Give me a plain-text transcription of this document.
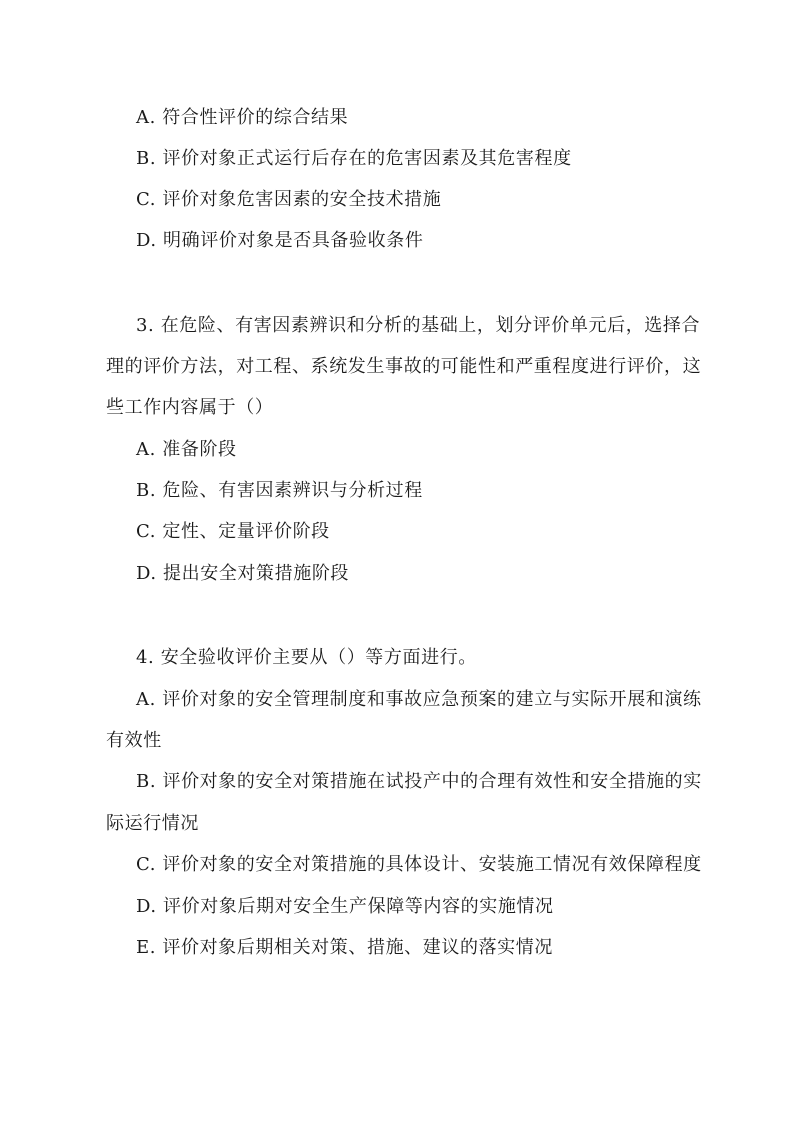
A. 符合性评价的综合结果
B. 评价对象正式运行后存在的危害因素及其危害程度
C. 评价对象危害因素的安全技术措施
D. 明确评价对象是否具备验收条件
3. 在危险、有害因素辨识和分析的基础上，划分评价单元后，选择合
理的评价方法，对工程、系统发生事故的可能性和严重程度进行评价，这
些工作内容属于（）
A. 准备阶段
B. 危险、有害因素辨识与分析过程
C. 定性、定量评价阶段
D. 提出安全对策措施阶段
4. 安全验收评价主要从（）等方面进行。
A. 评价对象的安全管理制度和事故应急预案的建立与实际开展和演练
有效性
B. 评价对象的安全对策措施在试投产中的合理有效性和安全措施的实
际运行情况
C. 评价对象的安全对策措施的具体设计、安装施工情况有效保障程度
D. 评价对象后期对安全生产保障等内容的实施情况
E. 评价对象后期相关对策、措施、建议的落实情况
